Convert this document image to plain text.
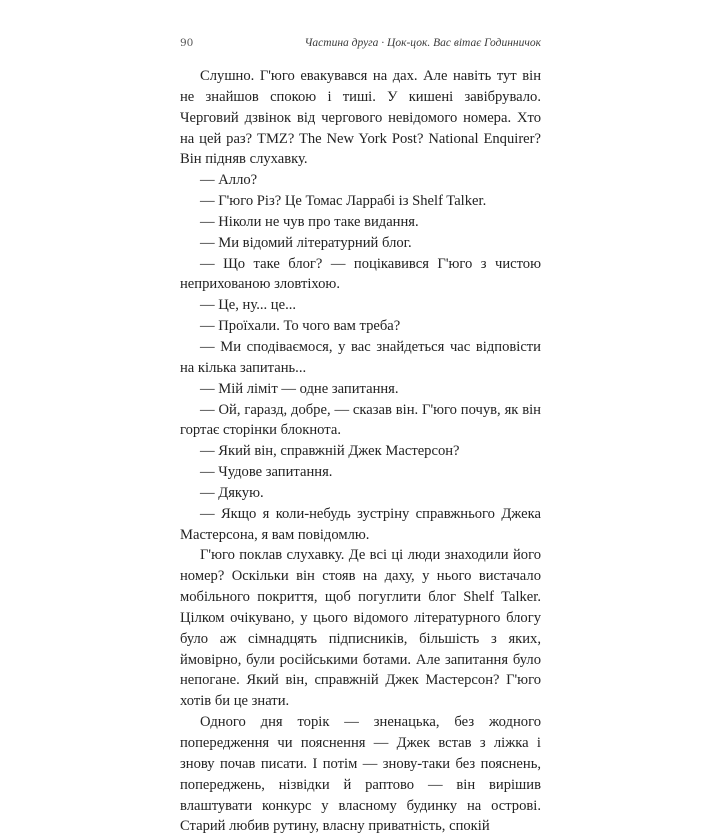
90	Частина друга · Цок-цок. Вас вітає Годинничок

Слушно. Г'юго евакувався на дах. Але навіть тут він не знайшов спокою і тиші. У кишені завібрувало. Черговий дзвінок від чергового невідомого номера. Хто на цей раз? TMZ? The New York Post? National Enquirer? Він підняв слухавку.

— Алло?

— Г'юго Різ? Це Томас Ларрабі із Shelf Talker.

— Ніколи не чув про таке видання.

— Ми відомий літературний блог.

— Що таке блог? — поцікавився Г'юго з чистою неприхованою зловтіхою.

— Це, ну... це...

— Проїхали. То чого вам треба?

— Ми сподіваємося, у вас знайдеться час відповісти на кілька запитань...

— Мій ліміт — одне запитання.

— Ой, гаразд, добре, — сказав він. Г'юго почув, як він гортає сторінки блокнота.

— Який він, справжній Джек Мастерсон?

— Чудове запитання.

— Дякую.

— Якщо я коли-небудь зустріну справжнього Джека Мастерсона, я вам повідомлю.

Г'юго поклав слухавку. Де всі ці люди знаходили його номер? Оскільки він стояв на даху, у нього вистачало мобільного покриття, щоб погуглити блог Shelf Talker. Цілком очікувано, у цього відомого літературного блогу було аж сімнадцять підписників, більшість з яких, ймовірно, були російськими ботами. Але запитання було непогане. Який він, справжній Джек Мастерсон? Г'юго хотів би це знати.

Одного дня торік — зненацька, без жодного попередження чи пояснення — Джек встав з ліжка і знову почав писати. І потім — знову-таки без пояснень, попереджень, нізвідки й раптово — він вирішив влаштувати конкурс у власному будинку на острові. Старий любив рутину, власну приватність, спокій
